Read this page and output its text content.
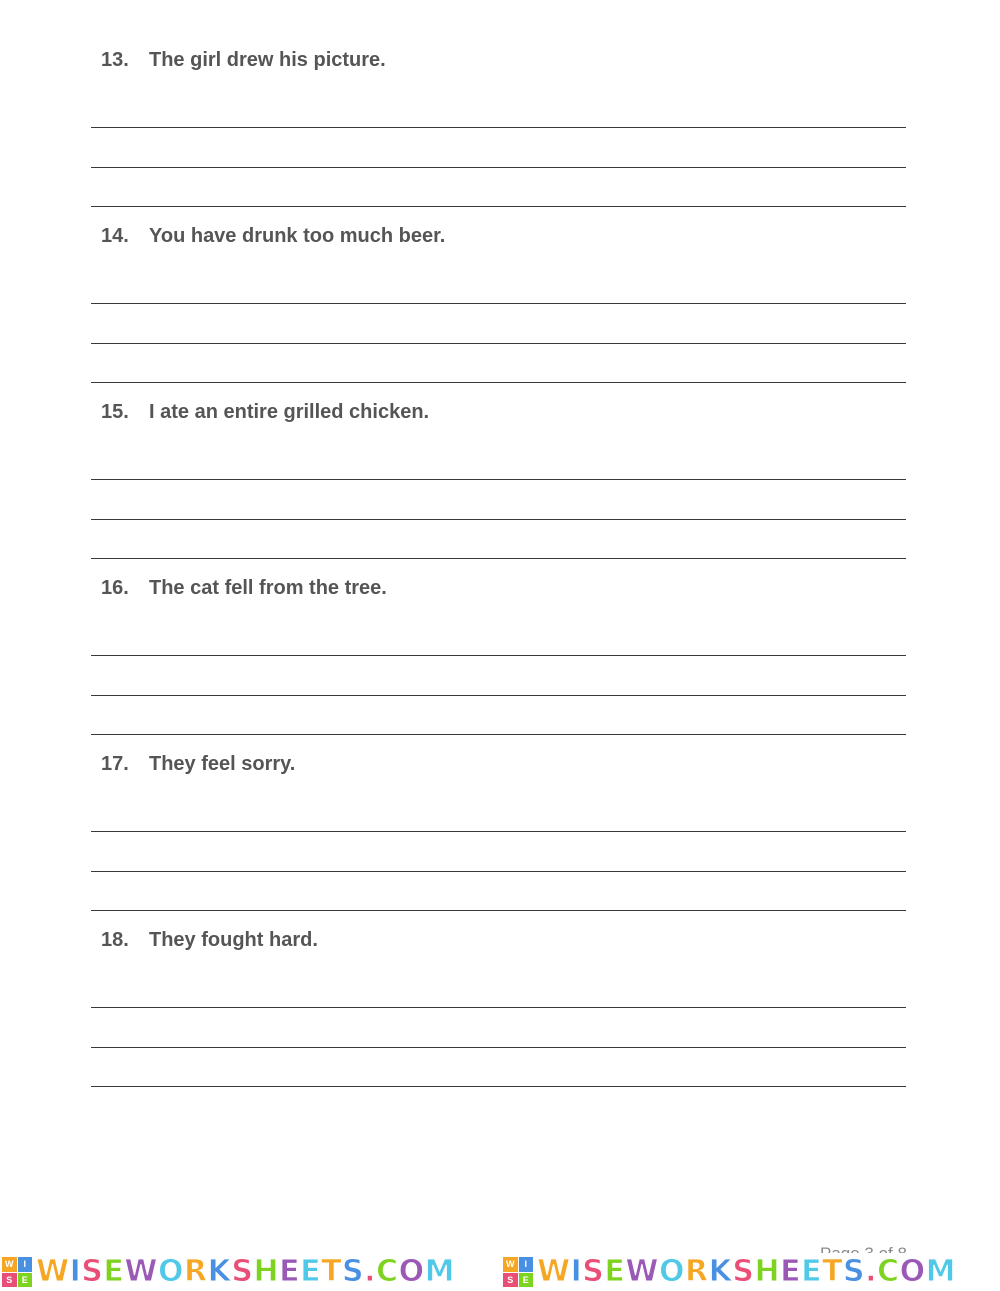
13. The girl drew his picture.
14. You have drunk too much beer.
15. I ate an entire grilled chicken.
16. The cat fell from the tree.
17. They feel sorry.
18. They fought hard.
W	I
S	E WISEWORKSHEETS.COM	W	I
S	E WISEWORKSHEETS.COM
